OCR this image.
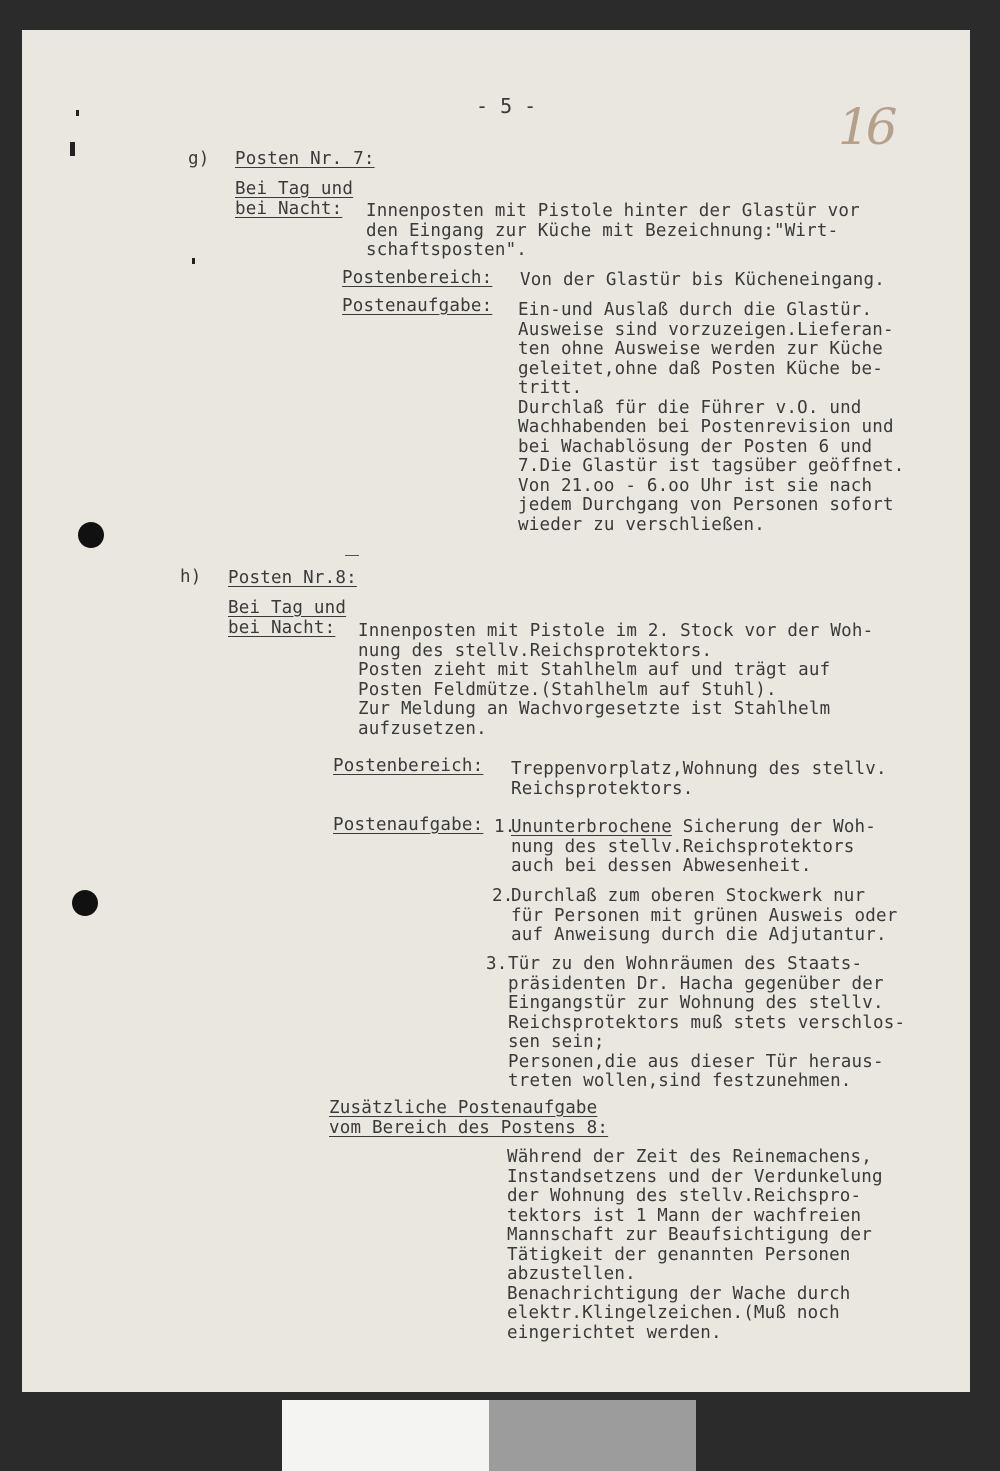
- 5 -	16
g) Posten Nr. 7:
Bei Tag und
bei Nacht: Innenposten mit Pistole hinter der Glastür vor
den Eingang zur Küche mit Bezeichnung:"Wirt-
schaftsposten".
Postenbereich: Von der Glastür bis Kücheneingang.
Postenaufgabe: Ein-und Auslaß durch die Glastür.
Ausweise sind vorzuzeigen.Lieferan-
ten ohne Ausweise werden zur Küche
geleitet,ohne daß Posten Küche be-
tritt.
Durchlaß für die Führer v.O. und
Wachhabenden bei Postenrevision und
bei Wachablösung der Posten 6 und
7.Die Glastür ist tagsüber geöffnet.
Von 21.oo - 6.oo Uhr ist sie nach
jedem Durchgang von Personen sofort
wieder zu verschließen.
h) Posten Nr.8:
Bei Tag und
bei Nacht: Innenposten mit Pistole im 2. Stock vor der Woh-
nung des stellv.Reichsprotektors.
Posten zieht mit Stahlhelm auf und trägt auf
Posten Feldmütze.(Stahlhelm auf Stuhl).
Zur Meldung an Wachvorgesetzte ist Stahlhelm
aufzusetzen.
Postenbereich: Treppenvorplatz,Wohnung des stellv.
Reichsprotektors.
Postenaufgabe: 1.
Ununterbrochene Sicherung der Woh-
nung des stellv.Reichsprotektors
auch bei dessen Abwesenheit.
2.
Durchlaß zum oberen Stockwerk nur
für Personen mit grünen Ausweis oder
auf Anweisung durch die Adjutantur.
3. Tür zu den Wohnräumen des Staats-
präsidenten Dr. Hacha gegenüber der
Eingangstür zur Wohnung des stellv.
Reichsprotektors muß stets verschlos-
sen sein;
Personen,die aus dieser Tür heraus-
treten wollen,sind festzunehmen.
Zusätzliche Postenaufgabe
vom Bereich des Postens 8:
Während der Zeit des Reinemachens,
Instandsetzens und der Verdunkelung
der Wohnung des stellv.Reichspro-
tektors ist 1 Mann der wachfreien
Mannschaft zur Beaufsichtigung der
Tätigkeit der genannten Personen
abzustellen.
Benachrichtigung der Wache durch
elektr.Klingelzeichen.(Muß noch
eingerichtet werden.
